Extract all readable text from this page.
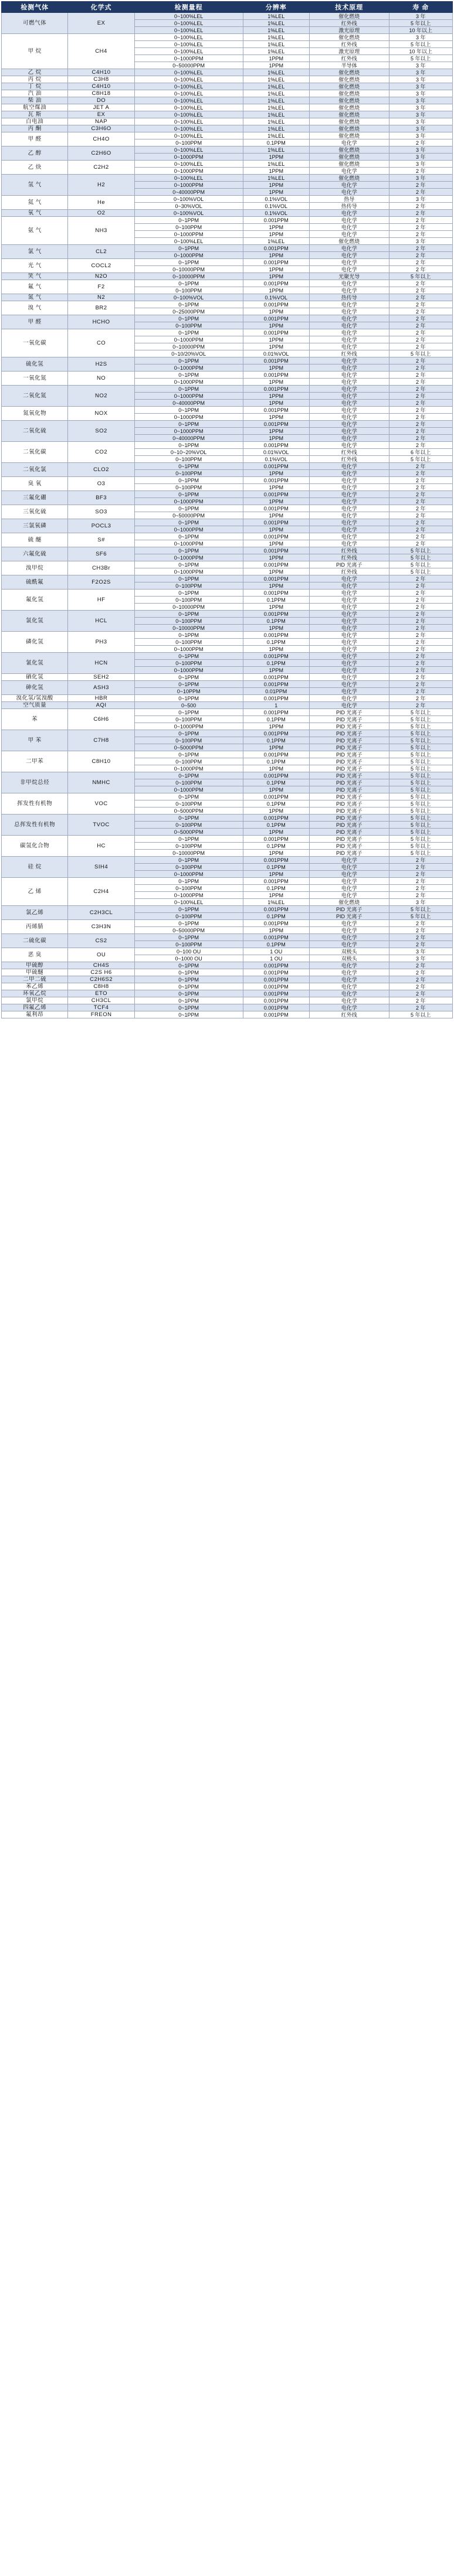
检测气体	化学式	检测量程	分辨率	技术原理	寿 命
可燃气体	EX	0~100%LEL	1%LEL	催化燃烧	3 年
		0~100%LEL	1%LEL	红外线	5 年以上
		0~100%LEL	1%LEL	激光原理	10 年以上
甲 烷	CH4	0~100%LEL	1%LEL	催化燃烧	3 年
		0~100%LEL	1%LEL	红外线	5 年以上
		0~100%LEL	1%LEL	激光原理	10 年以上
		0~1000PPM	1PPM	红外线	5 年以上
		0~50000PPM	1PPM	半导体	3 年
乙 烷	C4H10	0~100%LEL	1%LEL	催化燃烧	3 年
丙 烷	C3H8	0~100%LEL	1%LEL	催化燃烧	3 年
丁 烷	C4H10	0~100%LEL	1%LEL	催化燃烧	3 年
汽 油	C8H18	0~100%LEL	1%LEL	催化燃烧	3 年
柴 油	DO	0~100%LEL	1%LEL	催化燃烧	3 年
航空煤油	JET A	0~100%LEL	1%LEL	催化燃烧	3 年
瓦 斯	EX	0~100%LEL	1%LEL	催化燃烧	3 年
白电油	NAP	0~100%LEL	1%LEL	催化燃烧	3 年
丙 酮	C3H6O	0~100%LEL	1%LEL	催化燃烧	3 年
甲 醛	CH4O	0~100%LEL	1%LEL	催化燃烧	3 年
		0~100PPM	0.1PPM	电化学	2 年
乙 醇	C2H6O	0~100%LEL	1%LEL	催化燃烧	3 年
		0~1000PPM	1PPM	催化燃烧	3 年
乙 炔	C2H2	0~100%LEL	1%LEL	催化燃烧	3 年
		0~1000PPM	1PPM	电化学	2 年
氢 气	H2	0~100%LEL	1%LEL	催化燃烧	3 年
		0~1000PPM	1PPM	电化学	2 年
		0~40000PPM	1PPM	电化学	2 年
氦 气	He	0~100%VOL	0.1%VOL	热导	3 年
		0~30%VOL	0.1%VOL	热传导	2 年
氧 气	O2	0~100%VOL	0.1%VOL	电化学	2 年
氨 气	NH3	0~1PPM	0.001PPM	电化学	2 年
		0~100PPM	1PPM	电化学	2 年
		0~1000PPM	1PPM	电化学	2 年
		0~100%LEL	1%LEL	催化燃烧	3 年
氯 气	CL2	0~1PPM	0.001PPM	电化学	2 年
		0~1000PPM	1PPM	电化学	2 年
光 气	COCL2	0~1PPM	0.001PPM	电化学	2 年
		0~10000PPM	1PPM	电化学	2 年
笑 气	N2O	0~10000PPM	1PPM	光聚光导	5 年以上
氟 气	F2	0~1PPM	0.001PPM	电化学	2 年
		0~100PPM	1PPM	电化学	2 年
氮 气	N2	0~100%VOL	0.1%VOL	热传导	2 年
溴 气	BR2	0~1PPM	0.001PPM	电化学	2 年
		0~25000PPM	1PPM	电化学	2 年
甲 醛	HCHO	0~1PPM	0.001PPM	电化学	2 年
		0~100PPM	1PPM	电化学	2 年
一氧化碳	CO	0~1PPM	0.001PPM	电化学	2 年
		0~1000PPM	1PPM	电化学	2 年
		0~10000PPM	1PPM	电化学	2 年
		0~10/20%VOL	0.01%VOL	红外线	5 年以上
硫化氢	H2S	0~1PPM	0.001PPM	电化学	2 年
		0~1000PPM	1PPM	电化学	2 年
一氧化氮	NO	0~1PPM	0.001PPM	电化学	2 年
		0~1000PPM	1PPM	电化学	2 年
二氧化氮	NO2	0~1PPM	0.001PPM	电化学	2 年
		0~1000PPM	1PPM	电化学	2 年
		0~40000PPM	1PPM	电化学	2 年
氮氧化物	NOX	0~1PPM	0.001PPM	电化学	2 年
		0~1000PPM	1PPM	电化学	2 年
二氧化硫	SO2	0~1PPM	0.001PPM	电化学	2 年
		0~1000PPM	1PPM	电化学	2 年
		0~40000PPM	1PPM	电化学	2 年
二氧化碳	CO2	0~1PPM	0.001PPM	电化学	2 年
		0~10~20%VOL	0.01%VOL	红外线	6 年以上
		0~100PPM	0.1%VOL	红外线	5 年以上
二氧化氯	CLO2	0~1PPM	0.001PPM	电化学	2 年
		0~100PPM	1PPM	电化学	2 年
臭 氧	O3	0~1PPM	0.001PPM	电化学	2 年
		0~100PPM	1PPM	电化学	2 年
三氟化硼	BF3	0~1PPM	0.001PPM	电化学	2 年
		0~1000PPM	1PPM	电化学	2 年
三氧化硫	SO3	0~1PPM	0.001PPM	电化学	2 年
		0~50000PPM	1PPM	电化学	2 年
三氯氧磷	POCL3	0~1PPM	0.001PPM	电化学	2 年
		0~1000PPM	1PPM	电化学	2 年
硫 醚	S#	0~1PPM	0.001PPM	电化学	2 年
		0~1000PPM	1PPM	电化学	2 年
六氟化硫	SF6	0~1PPM	0.001PPM	红外线	5 年以上
		0~1000PPM	1PPM	红外线	5 年以上
溴甲烷	CH3Br	0~1PPM	0.001PPM	PID 光离子	5 年以上
		0~1000PPM	1PPM	红外线	5 年以上
硫酰氟	F2O2S	0~1PPM	0.001PPM	电化学	2 年
		0~100PPM	1PPM	电化学	2 年
氟化氢	HF	0~1PPM	0.001PPM	电化学	2 年
		0~100PPM	0.1PPM	电化学	2 年
		0~10000PPM	1PPM	电化学	2 年
氯化氢	HCL	0~1PPM	0.001PPM	电化学	2 年
		0~100PPM	0.1PPM	电化学	2 年
		0~10000PPM	1PPM	电化学	2 年
磷化氢	PH3	0~1PPM	0.001PPM	电化学	2 年
		0~100PPM	0.1PPM	电化学	2 年
		0~1000PPM	1PPM	电化学	2 年
氰化氢	HCN	0~1PPM	0.001PPM	电化学	2 年
		0~100PPM	0.1PPM	电化学	2 年
		0~1000PPM	1PPM	电化学	2 年
硒化氢	SEH2	0~1PPM	0.001PPM	电化学	2 年
砷化氢	ASH3	0~1PPM	0.001PPM	电化学	2 年
		0~10PPM	0.01PPM	电化学	2 年
溴化氢/氢溴酸	HBR	0~1PPM	0.001PPM	电化学	2 年
空气质量	AQI	0~500	1	电化学	2 年
苯	C6H6	0~1PPM	0.001PPM	PID 光离子	5 年以上
		0~100PPM	0.1PPM	PID 光离子	5 年以上
		0~1000PPM	1PPM	PID 光离子	5 年以上
甲 苯	C7H8	0~1PPM	0.001PPM	PID 光离子	5 年以上
		0~100PPM	0.1PPM	PID 光离子	5 年以上
		0~5000PPM	1PPM	PID 光离子	5 年以上
二甲苯	C8H10	0~1PPM	0.001PPM	PID 光离子	5 年以上
		0~100PPM	0.1PPM	PID 光离子	5 年以上
		0~1000PPM	1PPM	PID 光离子	5 年以上
非甲烷总烃	NMHC	0~1PPM	0.001PPM	PID 光离子	5 年以上
		0~100PPM	0.1PPM	PID 光离子	5 年以上
		0~1000PPM	1PPM	PID 光离子	5 年以上
挥发性有机物	VOC	0~1PPM	0.001PPM	PID 光离子	5 年以上
		0~100PPM	0.1PPM	PID 光离子	5 年以上
		0~5000PPM	1PPM	PID 光离子	5 年以上
总挥发性有机物	TVOC	0~1PPM	0.001PPM	PID 光离子	5 年以上
		0~100PPM	0.1PPM	PID 光离子	5 年以上
		0~5000PPM	1PPM	PID 光离子	5 年以上
碳氢化合物	HC	0~1PPM	0.001PPM	PID 光离子	5 年以上
		0~100PPM	0.1PPM	PID 光离子	5 年以上
		0~10000PPM	1PPM	PID 光离子	5 年以上
硅 烷	SIH4	0~1PPM	0.001PPM	电化学	2 年
		0~100PPM	0.1PPM	电化学	2 年
		0~1000PPM	1PPM	电化学	2 年
乙 烯	C2H4	0~1PPM	0.001PPM	电化学	2 年
		0~100PPM	0.1PPM	电化学	2 年
		0~1000PPM	1PPM	电化学	2 年
		0~100%LEL	1%LEL	催化燃烧	3 年
氯乙烯	C2H3CL	0~1PPM	0.001PPM	PID 光离子	5 年以上
		0~100PPM	0.1PPM	PID 光离子	5 年以上
丙烯腈	C3H3N	0~1PPM	0.001PPM	电化学	2 年
		0~50000PPM	1PPM	电化学	2 年
二硫化碳	CS2	0~1PPM	0.001PPM	电化学	2 年
		0~100PPM	0.1PPM	电化学	2 年
恶 臭	OU	0~100 OU	1 OU	双极头	3 年
		0~1000 OU	1 OU	双极头	3 年
甲硫醇	CH4S	0~1PPM	0.001PPM	电化学	2 年
甲硫醚	C2S H6	0~1PPM	0.001PPM	电化学	2 年
二甲二硫	C2H6S2	0~1PPM	0.001PPM	电化学	2 年
苯乙烯	C8H8	0~1PPM	0.001PPM	电化学	2 年
环氧乙烷	ETO	0~1PPM	0.001PPM	电化学	2 年
氯甲烷	CH3CL	0~1PPM	0.001PPM	电化学	2 年
四氟乙烯	TCF4	0~1PPM	0.001PPM	电化学	2 年
氟利昂	FREON	0~1PPM	0.001PPM	红外线	5 年以上
